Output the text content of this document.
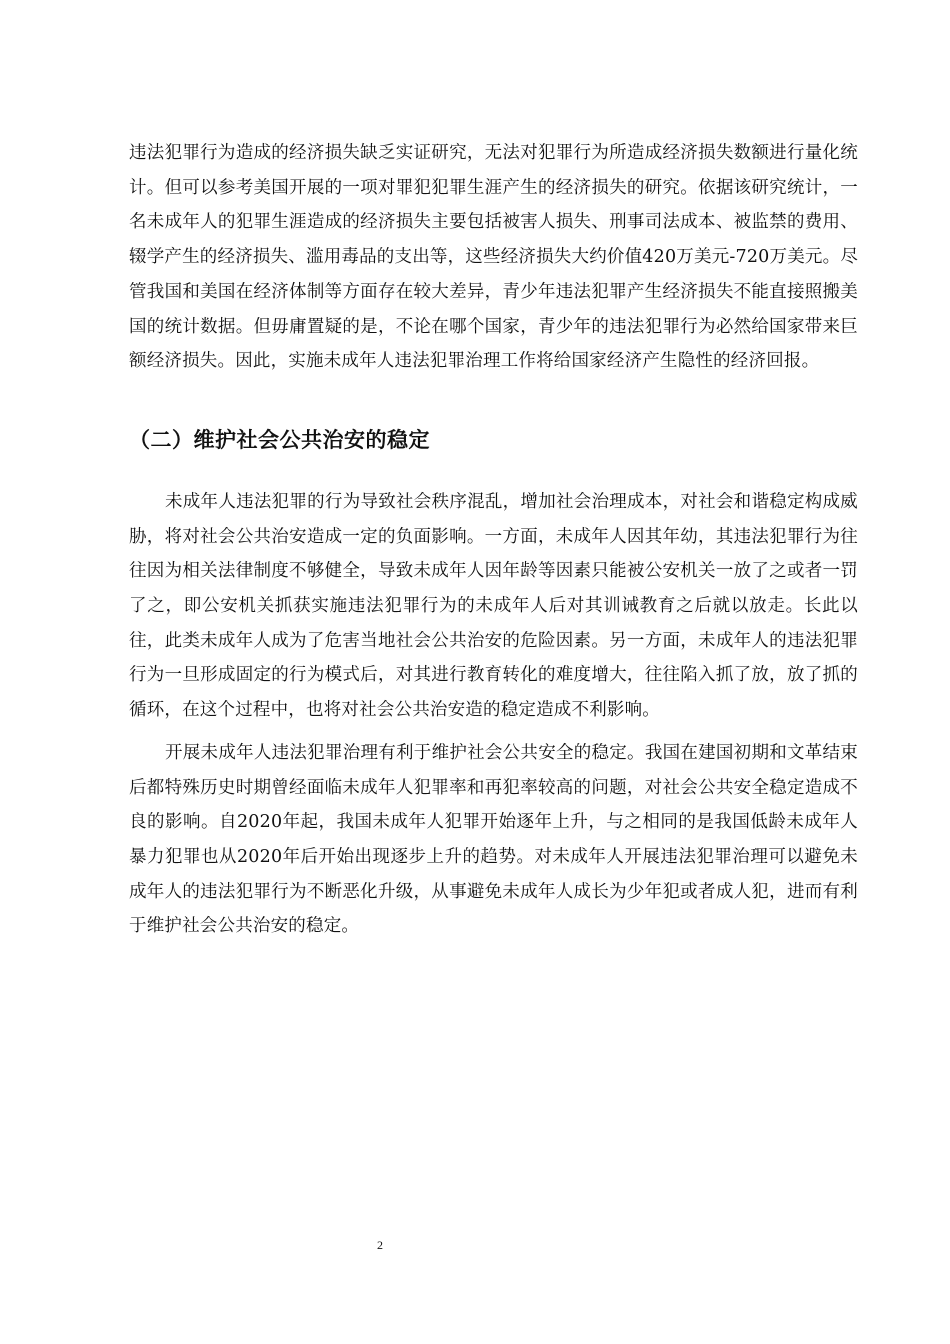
违法犯罪行为造成的经济损失缺乏实证研究，无法对犯罪行为所造成经济损失数额进行量化统计。但可以参考美国开展的一项对罪犯犯罪生涯产生的经济损失的研究。依据该研究统计，一名未成年人的犯罪生涯造成的经济损失主要包括被害人损失、刑事司法成本、被监禁的费用、辍学产生的经济损失、滥用毒品的支出等，这些经济损失大约价值420万美元-720万美元。尽管我国和美国在经济体制等方面存在较大差异，青少年违法犯罪产生经济损失不能直接照搬美国的统计数据。但毋庸置疑的是，不论在哪个国家，青少年的违法犯罪行为必然给国家带来巨额经济损失。因此，实施未成年人违法犯罪治理工作将给国家经济产生隐性的经济回报。

（二）维护社会公共治安的稳定

未成年人违法犯罪的行为导致社会秩序混乱，增加社会治理成本，对社会和谐稳定构成威胁，将对社会公共治安造成一定的负面影响。一方面，未成年人因其年幼，其违法犯罪行为往往因为相关法律制度不够健全，导致未成年人因年龄等因素只能被公安机关一放了之或者一罚了之，即公安机关抓获实施违法犯罪行为的未成年人后对其训诫教育之后就以放走。长此以往，此类未成年人成为了危害当地社会公共治安的危险因素。另一方面，未成年人的违法犯罪行为一旦形成固定的行为模式后，对其进行教育转化的难度增大，往往陷入抓了放，放了抓的循环，在这个过程中，也将对社会公共治安造的稳定造成不利影响。

开展未成年人违法犯罪治理有利于维护社会公共安全的稳定。我国在建国初期和文革结束后都特殊历史时期曾经面临未成年人犯罪率和再犯率较高的问题，对社会公共安全稳定造成不良的影响。自2020年起，我国未成年人犯罪开始逐年上升，与之相同的是我国低龄未成年人暴力犯罪也从2020年后开始出现逐步上升的趋势。对未成年人开展违法犯罪治理可以避免未成年人的违法犯罪行为不断恶化升级，从事避免未成年人成长为少年犯或者成人犯，进而有利于维护社会公共治安的稳定。

2
